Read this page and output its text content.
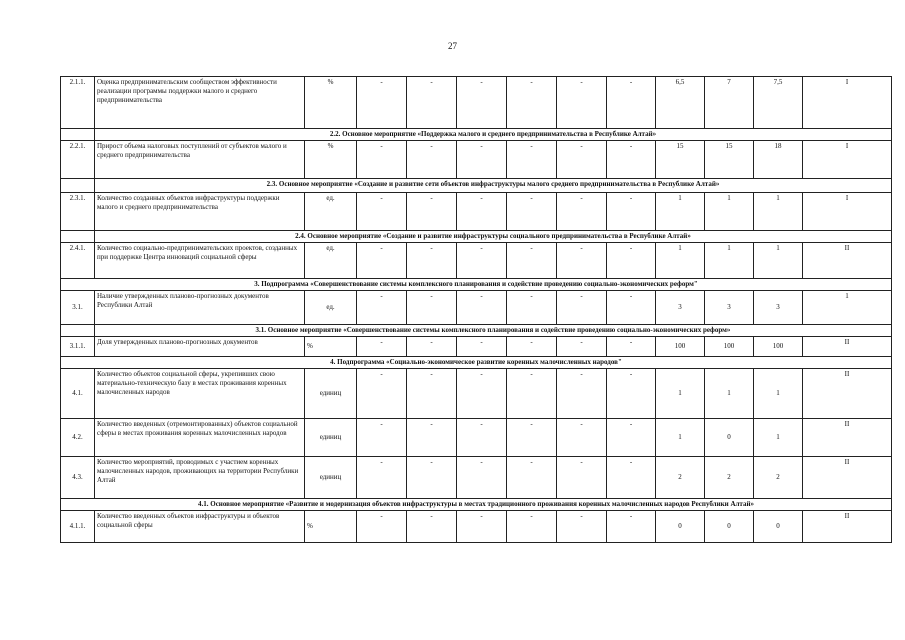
27
2.1.1.	Оценка предпринимательским сообществом эффективности реализации программы поддержки малого и среднего предпринимательства	%	-	-	-	-	-	-	6,5	7	7,5	I
	2.2. Основное мероприятие «Поддержка малого и среднего предпринимательства в Республике Алтай»											
2.2.1.	Прирост объема налоговых поступлений от субъектов малого и среднего предпринимательства	%	-	-	-	-	-	-	15	15	18	I
	2.3. Основное мероприятие «Создание и развитие сети объектов инфраструктуры малого среднего предпринимательства в Республике Алтай»											
2.3.1.	Количество созданных объектов инфраструктуры поддержки малого и среднего предпринимательства	ед.	-	-	-	-	-	-	1	1	1	I
	2.4. Основное мероприятие «Создание и развитие инфраструктуры социального предпринимательства в Республике Алтай»											
2.4.1.	Количество социально-предпринимательских проектов, созданных при поддержке Центра инноваций социальной сферы	ед.	-	-	-	-	-	-	1	1	1	II
3. Подпрограмма «Совершенствование системы комплексного планирования и содействие проведению социально-экономических реформ"												
3.1.	Наличие утвержденных планово-прогнозных документов Республики Алтай	ед.	-	-	-	-	-	-	3	3	3	1
	3.1. Основное мероприятие «Совершенствование системы комплексного планирования и содействие проведению социально-экономических реформ»											
3.1.1.	Доля утвержденных планово-прогнозных документов	%	-	-	-	-	-	-	100	100	100	II
4. Подпрограмма «Социально-экономическое развитие коренных малочисленных народов"												
4.1.	Количество объектов социальной сферы, укрепивших свою материально-техническую базу в местах проживания коренных малочисленных народов	единиц	-	-	-	-	-	-	1	1	1	II
4.2.	Количество введенных (отремонтированных) объектов социальной сферы в местах проживания коренных малочисленных народов	единиц	-	-	-	-	-	-	1	0	1	II
4.3.	Количество мероприятий, проводимых с участием коренных малочисленных народов, проживающих на территории Республики Алтай	единиц	-	-	-	-	-	-	2	2	2	II
4.1. Основное мероприятие «Развитие и модернизация объектов инфраструктуры в местах традиционного проживания коренных малочисленных народов Республики Алтай»												
4.1.1.	Количество введенных объектов инфраструктуры и объектов социальной сферы	%	-	-	-	-	-	-	0	0	0	II
